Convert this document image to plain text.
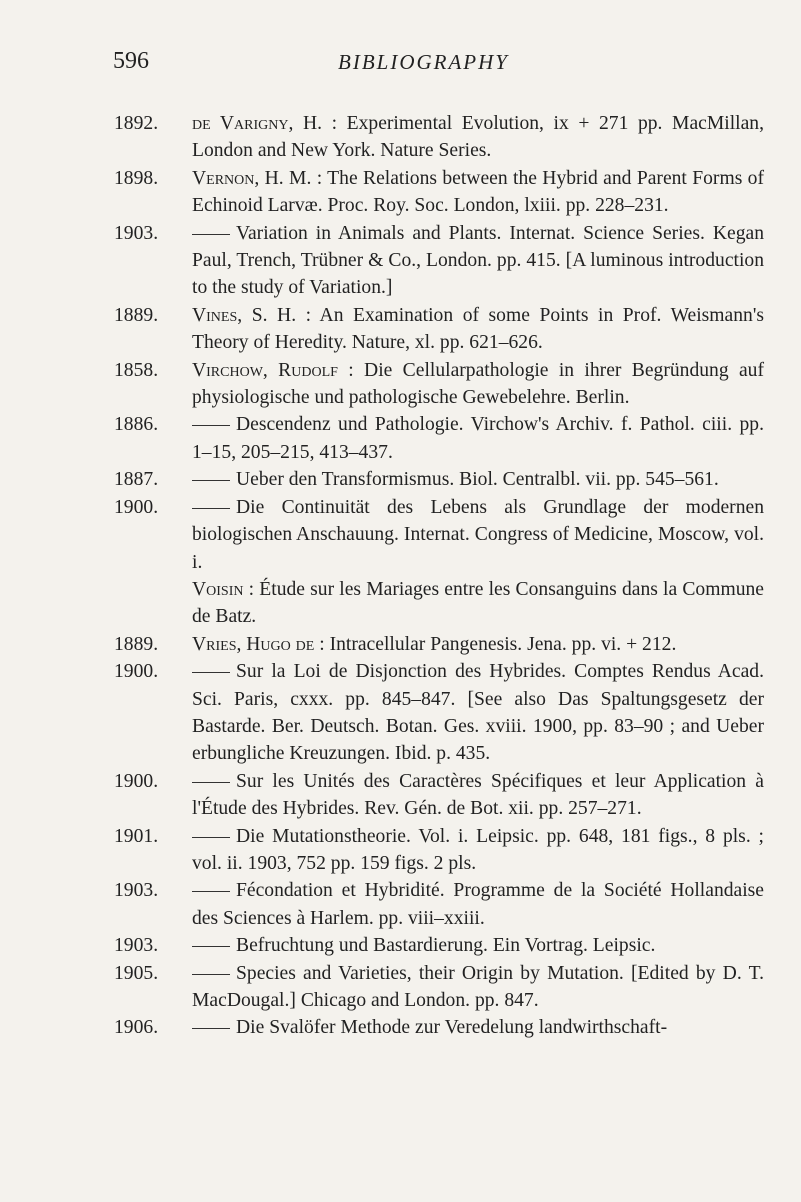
596	BIBLIOGRAPHY
1892.	de Varigny, H. : Experimental Evolution, ix + 271 pp. MacMillan, London and New York. Nature Series.
1898.	Vernon, H. M. : The Relations between the Hybrid and Parent Forms of Echinoid Larvæ. Proc. Roy. Soc. London, lxiii. pp. 228–231.
1903.	Variation in Animals and Plants. Internat. Science Series. Kegan Paul, Trench, Trübner & Co., London. pp. 415. [A luminous introduction to the study of Variation.]
1889.	Vines, S. H. : An Examination of some Points in Prof. Weismann's Theory of Heredity. Nature, xl. pp. 621–626.
1858.	Virchow, Rudolf : Die Cellularpathologie in ihrer Begründung auf physiologische und pathologische Gewebelehre. Berlin.
1886.	Descendenz und Pathologie. Virchow's Archiv. f. Pathol. ciii. pp. 1–15, 205–215, 413–437.
1887.	Ueber den Transformismus. Biol. Centralbl. vii. pp. 545–561.
1900.	Die Continuität des Lebens als Grundlage der modernen biologischen Anschauung. Internat. Congress of Medicine, Moscow, vol. i.
Voisin : Étude sur les Mariages entre les Consanguins dans la Commune de Batz.
1889.	Vries, Hugo de : Intracellular Pangenesis. Jena. pp. vi. + 212.
1900.	Sur la Loi de Disjonction des Hybrides. Comptes Rendus Acad. Sci. Paris, cxxx. pp. 845–847. [See also Das Spaltungsgesetz der Bastarde. Ber. Deutsch. Botan. Ges. xviii. 1900, pp. 83–90 ; and Ueber erbungliche Kreuzungen. Ibid. p. 435.
1900.	Sur les Unités des Caractères Spécifiques et leur Application à l'Étude des Hybrides. Rev. Gén. de Bot. xii. pp. 257–271.
1901.	Die Mutationstheorie. Vol. i. Leipsic. pp. 648, 181 figs., 8 pls. ; vol. ii. 1903, 752 pp. 159 figs. 2 pls.
1903.	Fécondation et Hybridité. Programme de la Société Hollandaise des Sciences à Harlem. pp. viii–xxiii.
1903.	Befruchtung und Bastardierung. Ein Vortrag. Leipsic.
1905.	Species and Varieties, their Origin by Mutation. [Edited by D. T. MacDougal.] Chicago and London. pp. 847.
1906.	Die Svalöfer Methode zur Veredelung landwirthschaft-
